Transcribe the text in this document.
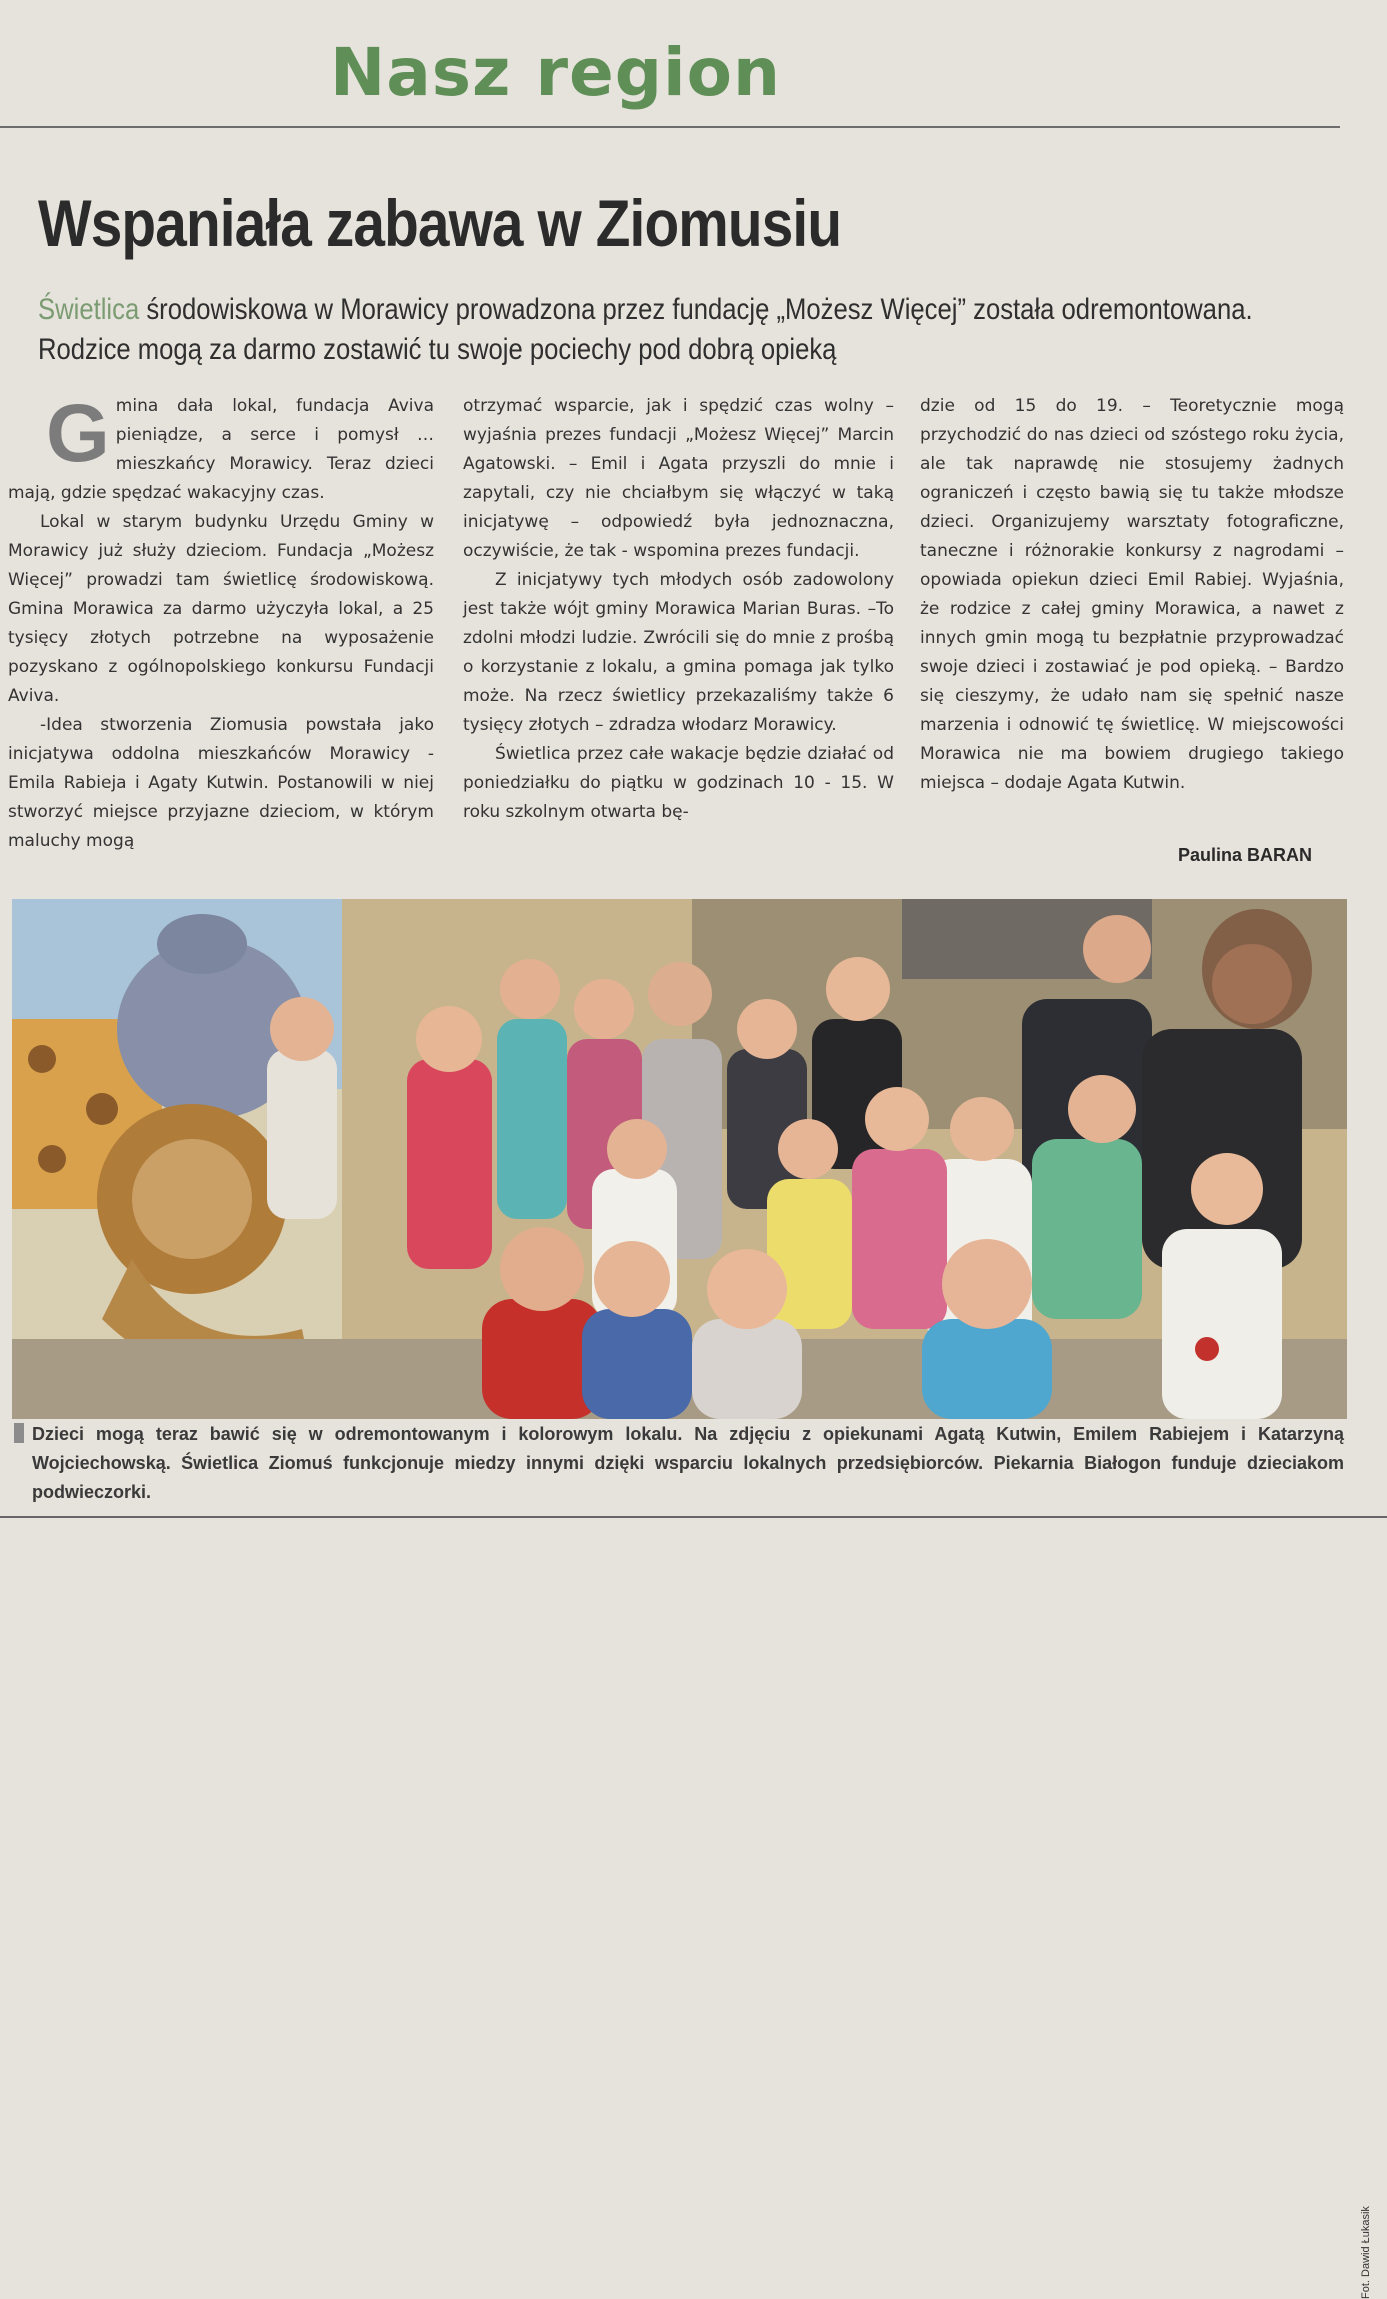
Nasz region
Wspaniała zabawa w Ziomusiu
Świetlica środowiskowa w Morawicy prowadzona przez fundację „Możesz Więcej” została odremontowana.
Rodzice mogą za darmo zostawić tu swoje pociechy pod dobrą opieką

Gmina dała lokal, fundacja Aviva pieniądze, a serce i pomysł …mieszkańcy Morawicy. Teraz dzieci mają, gdzie spędzać wakacyjny czas.

Lokal w starym budynku Urzędu Gminy w Morawicy już służy dzieciom. Fundacja „Możesz Więcej” prowadzi tam świetlicę środowiskową. Gmina Morawica za darmo użyczyła lokal, a 25 tysięcy złotych potrzebne na wyposażenie pozyskano z ogólnopolskiego konkursu Fundacji Aviva.

-Idea stworzenia Ziomusia powstała jako inicjatywa oddolna mieszkańców Morawicy - Emila Rabieja i Agaty Kutwin. Postanowili w niej stworzyć miejsce przyjazne dzieciom, w którym maluchy mogą

otrzymać wsparcie, jak i spędzić czas wolny –wyjaśnia prezes fundacji „Możesz Więcej” Marcin Agatowski. – Emil i Agata przyszli do mnie i zapytali, czy nie chciałbym się włączyć w taką inicjatywę – odpowiedź była jednoznaczna, oczywiście, że tak - wspomina prezes fundacji.

Z inicjatywy tych młodych osób zadowolony jest także wójt gminy Morawica Marian Buras. –To zdolni młodzi ludzie. Zwrócili się do mnie z prośbą o korzystanie z lokalu, a gmina pomaga jak tylko może. Na rzecz świetlicy przekazaliśmy także 6 tysięcy złotych – zdradza włodarz Morawicy.

Świetlica przez całe wakacje będzie działać od poniedziałku do piątku w godzinach 10 - 15. W roku szkolnym otwarta bę-

dzie od 15 do 19. – Teoretycznie mogą przychodzić do nas dzieci od szóstego roku życia, ale tak naprawdę nie stosujemy żadnych ograniczeń i często bawią się tu także młodsze dzieci. Organizujemy warsztaty fotograficzne, taneczne i różnorakie konkursy z nagrodami – opowiada opiekun dzieci Emil Rabiej. Wyjaśnia, że rodzice z całej gminy Morawica, a nawet z innych gmin mogą tu bezpłatnie przyprowadzać swoje dzieci i zostawiać je pod opieką. – Bardzo się cieszymy, że udało nam się spełnić nasze marzenia i odnowić tę świetlicę. W miejscowości Morawica nie ma bowiem drugiego takiego miejsca – dodaje Agata Kutwin.

Paulina BARAN
Fot. Dawid Łukasik
Dzieci mogą teraz bawić się w odremontowanym i kolorowym lokalu. Na zdjęciu z opiekunami Agatą Kutwin, Emilem Rabiejem i Katarzyną Wojciechowską. Świetlica Ziomuś funkcjonuje miedzy innymi dzięki wsparciu lokalnych przedsiębiorców. Piekarnia Białogon funduje dzieciakom podwieczorki.
